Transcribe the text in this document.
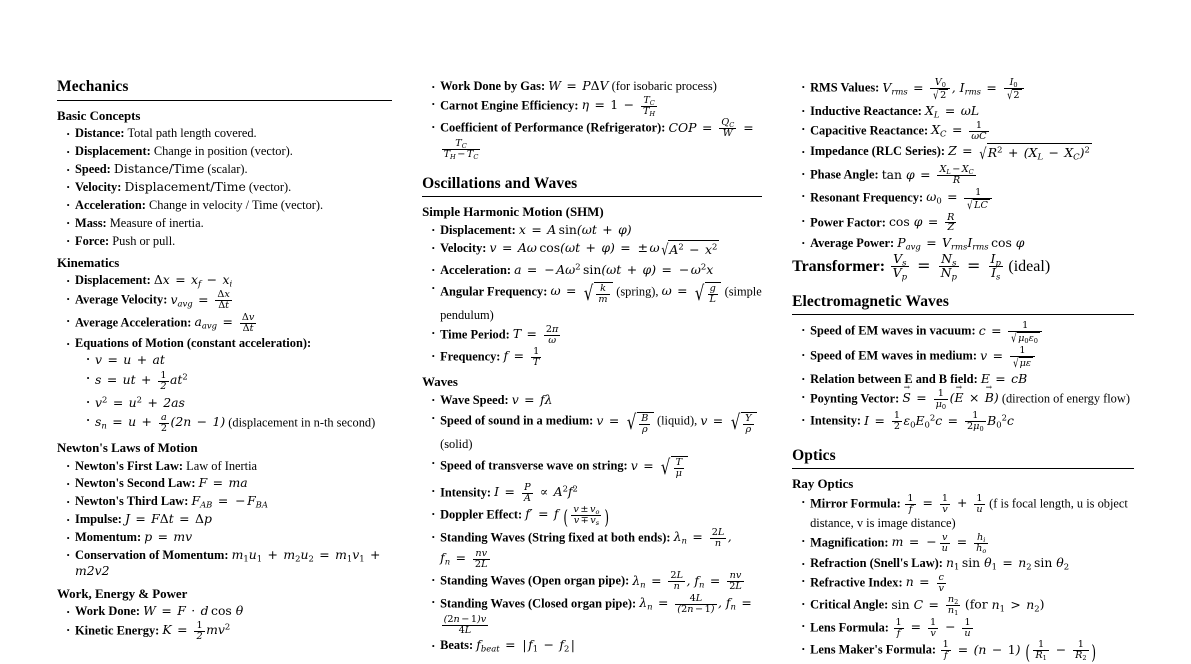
Mechanics
Basic Concepts
· Distance: Total path length covered.
· Displacement: Change in position (vector).
· Speed: Distance/Time (scalar).
· Velocity: Displacement/Time (vector).
· Acceleration: Change in velocity / Time (vector).
· Mass: Measure of inertia.
· Force: Push or pull.
Kinematics
· Displacement: $\Delta x = x_f - x_i$
· Average Velocity: $v_{avg} = \frac{\Delta x}{\Delta t}$
· Average Acceleration: $a_{avg} = \frac{\Delta v}{\Delta t}$
· Equations of Motion (constant acceleration):
· v = u + at
· s = ut + $\frac{1}{2} at^2$
· $v^2 = u^2 + 2as$
· $s_n = u + \frac{a}{2} (2n - 1)$ (displacement in n-th second)
Newton's Laws of Motion
· Newton's First Law: Law of Inertia
· Newton's Second Law: F = ma
· Newton's Third Law: $F_{AB}$ = − $F_{BA}$
· Impulse: J = FΔt = Δp
· Momentum: p = mv
· Conservation of Momentum: $m_1u_1 + m_2u_2 = m_1v_1 + m2v2$
Work, Energy & Power
· Work Done: W = F · d cos θ
· Kinetic Energy: $K = \frac{1}{2} mv^2$
· Work Done by Gas: W = PΔV (for isobaric process)
· Carnot Engine Efficiency: $\eta = 1 - \frac{T_C}{T_H}$
· Coefficient of Performance (Refrigerator): COP = $\frac{Q_C}{W}$ =
$\frac{T_C}{T_H - T_C}$
Oscillations and Waves
Simple Harmonic Motion (SHM)
· Displacement: x = A sin(ωt + φ)
· Velocity: v = Aω cos(ωt + φ) = ± $\omega√A^2 - x^2$
· Acceleration: a = − $A\omega^2$ sin(ωt + φ) = − $\omega^2x$
· Angular Frequency: ω = √ $\frac{k}{m}$ (spring), ω = √ $\frac{g}{L}$ (simple pendulum)
· Time Period: $T = \frac{2\pi}{\omega}$
· Frequency: $f = \frac{1}{T}$
Waves
· Wave Speed: v = fλ
· Speed of sound in a medium: v = √ $\frac{B}{\rho}$ (liquid), v = √ $\frac{Y}{\rho}$
(solid)
· Speed of transverse wave on string: v = √ $\frac{T}{\mu}$
· Intensity: $I = \frac{P}{A} \propto A^2f^2$
· Doppler Effect: f′ = f ( $\frac{v \pm v_o}{v \mp v_s}$ )
· Standing Waves (String fixed at both ends): $\lambda_n = \frac{2L}{n}$ , $f_n = \frac{nv}{2L}$
· Standing Waves (Open organ pipe): $\lambda_n = \frac{2L}{n}$ , $f_n = \frac{nv}{2L}$
· Standing Waves (Closed organ pipe): $\lambda_n = \frac{4L}{(2n - 1)}$ , $f_n$ =
$\frac{(2n - 1)v}{4L}$
· Beats: $f_{beat}$ = | $f_1 - f_2$ |
· RMS Values: $V_{rms} = \frac{V_0}{√2}$ , $I_{rms} = \frac{I_0}{√2}$
· Inductive Reactance: $X_L = \omega L$
· Capacitive Reactance: $X_C = \frac{1}{\omega C}$
· Impedance (RLC Series): $Z = √R^2 + (X_L - X_C)^2$
· Phase Angle: $\tan \varphi = \frac{X_L - X_C}{R}$
· Resonant Frequency: $\omega_0 = \frac{1}{√LC}$
· Power Factor: $\cos \varphi = \frac{R}{Z}$
· Average Power: $P_{avg} = V_{rms}I_{rms}$ cos φ
Transformer: $\frac{V_s}{V_p} = \frac{N_s}{N_p} = \frac{I_p}{I_s}$ (ideal)
Electromagnetic Waves
· Speed of EM waves in vacuum: $c = \frac{1}{√\mu_0\varepsilon_0}$
· Speed of EM waves in medium: $v = \frac{1}{√\mu\varepsilon}$
· Relation between E and B field: E = cB
· Poynting Vector: S → = $\frac{1}{\mu_0} (E$ → × B →) (direction of energy flow)
· Intensity: $I = \frac{1}{2} \varepsilon_0E_0^2c = \frac{1}{2\mu_0} B_0^2c$
Optics
Ray Optics
· Mirror Formula: $\frac{1}{f} = \frac{1}{v} + \frac{1}{u} (f$ is focal length, u is object distance, v is image distance)
· Magnification: m = − $\frac{v}{u} = \frac{h_i}{h_o}$
· Refraction (Snell's Law): $n_1$ $\sin \theta_1 = n_2$ $\sin \theta_2$
· Refractive Index: $n = \frac{c}{v}$
· Critical Angle: $\sin C = \frac{n_2}{n_1} (for$ $n_1 > n_2$)
· Lens Formula: $\frac{1}{f} = \frac{1}{v} - \frac{1}{u}$
· Lens Maker's Formula: $\frac{1}{f} = (n - 1)$ ( $\frac{1}{R_1} - \frac{1}{R_2}$ )
